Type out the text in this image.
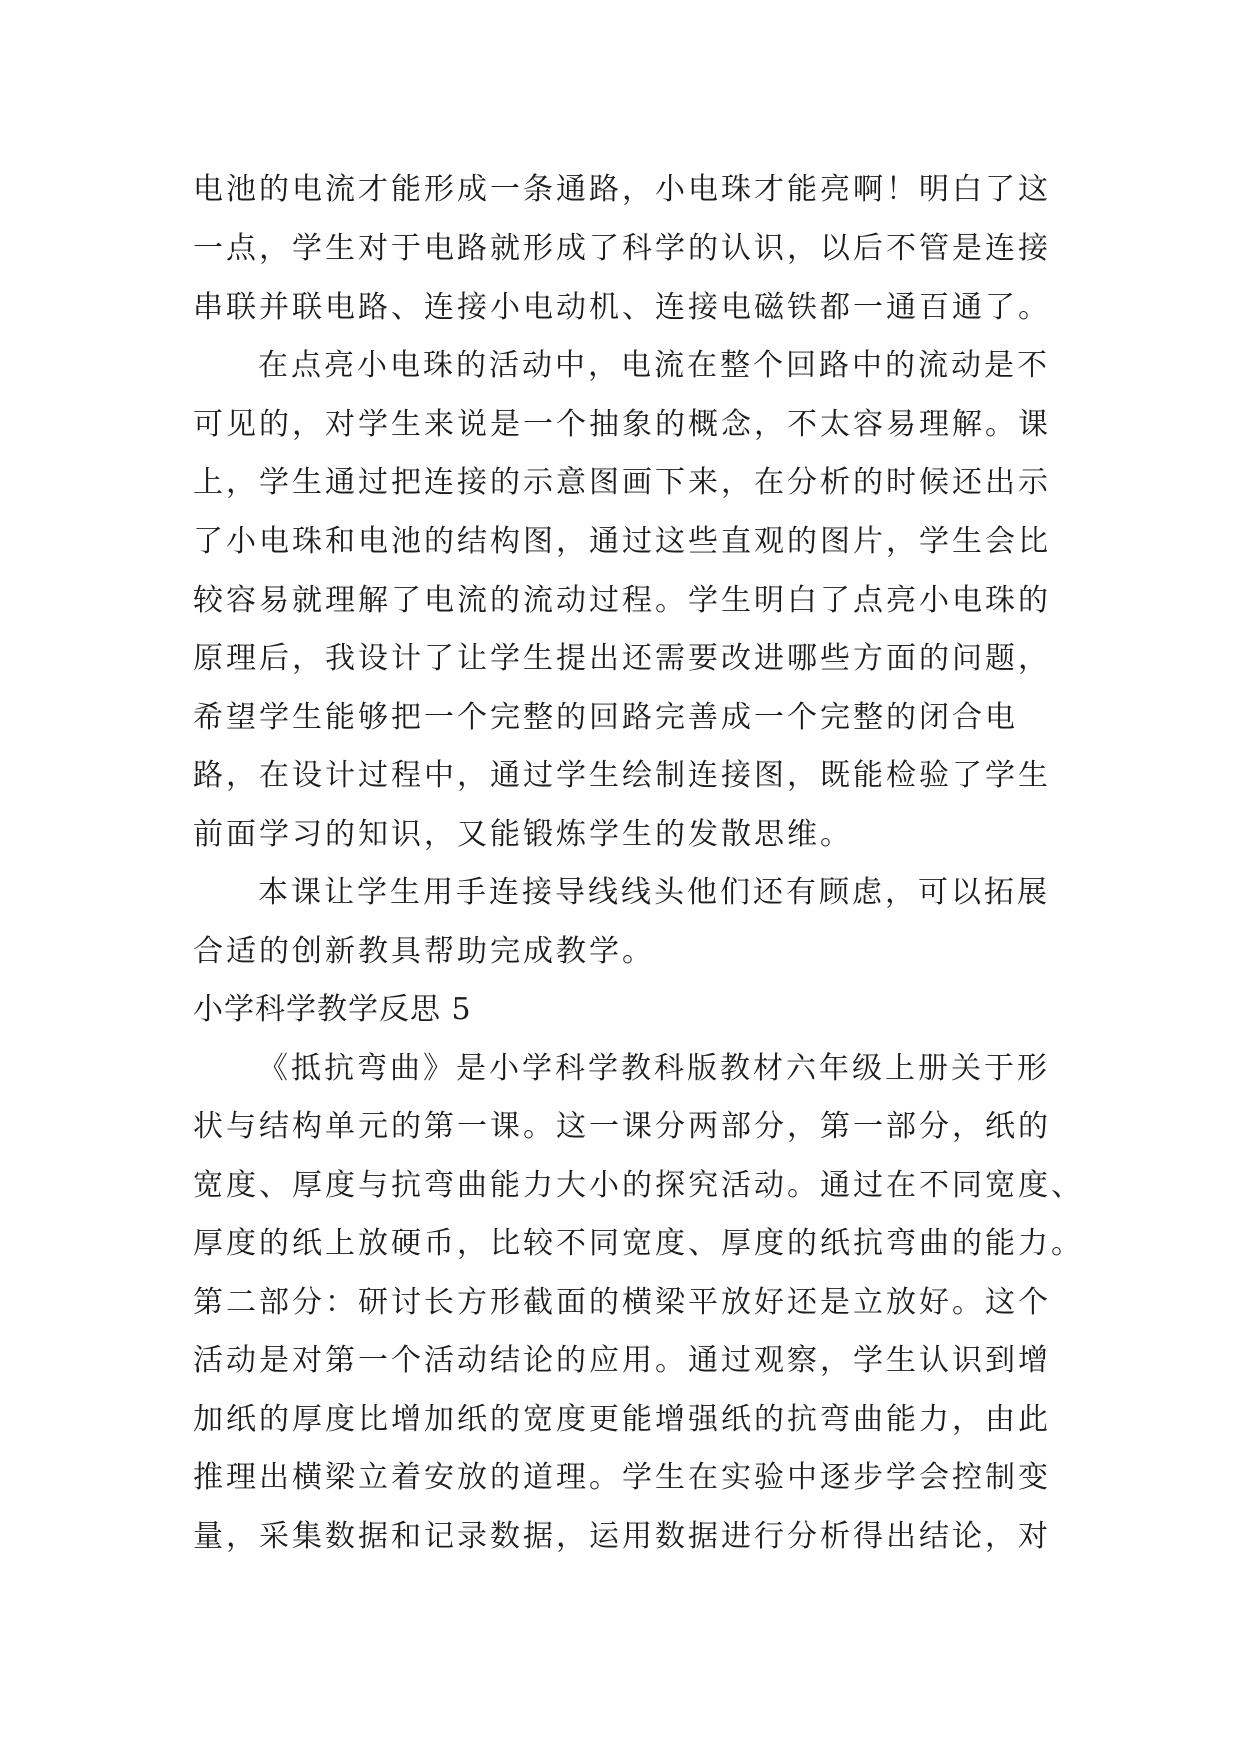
电池的电流才能形成一条通路，小电珠才能亮啊！明白了这
一点，学生对于电路就形成了科学的认识，以后不管是连接
串联并联电路、连接小电动机、连接电磁铁都一通百通了。
在点亮小电珠的活动中，电流在整个回路中的流动是不
可见的，对学生来说是一个抽象的概念，不太容易理解。课
上，学生通过把连接的示意图画下来，在分析的时候还出示
了小电珠和电池的结构图，通过这些直观的图片，学生会比
较容易就理解了电流的流动过程。学生明白了点亮小电珠的
原理后，我设计了让学生提出还需要改进哪些方面的问题，
希望学生能够把一个完整的回路完善成一个完整的闭合电
路，在设计过程中，通过学生绘制连接图，既能检验了学生
前面学习的知识，又能锻炼学生的发散思维。
本课让学生用手连接导线线头他们还有顾虑，可以拓展
合适的创新教具帮助完成教学。
小学科学教学反思 5
《抵抗弯曲》是小学科学教科版教材六年级上册关于形
状与结构单元的第一课。这一课分两部分，第一部分，纸的
宽度、厚度与抗弯曲能力大小的探究活动。通过在不同宽度、
厚度的纸上放硬币，比较不同宽度、厚度的纸抗弯曲的能力。
第二部分：研讨长方形截面的横梁平放好还是立放好。这个
活动是对第一个活动结论的应用。通过观察，学生认识到增
加纸的厚度比增加纸的宽度更能增强纸的抗弯曲能力，由此
推理出横梁立着安放的道理。学生在实验中逐步学会控制变
量，采集数据和记录数据，运用数据进行分析得出结论，对
